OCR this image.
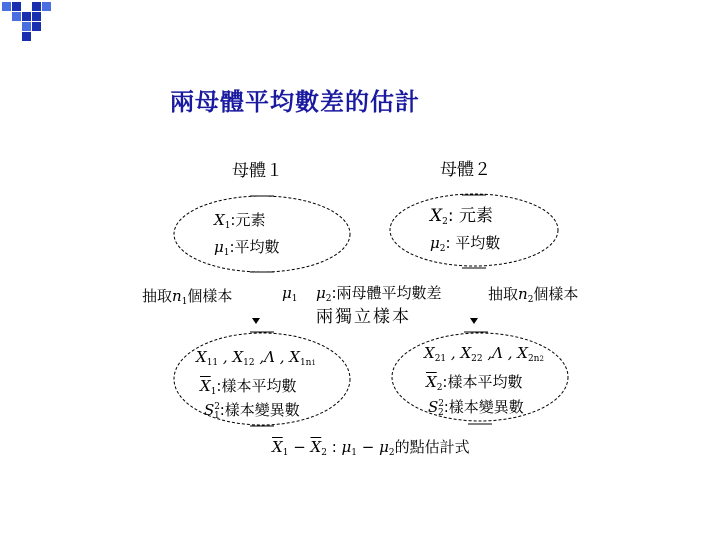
兩母體平均數差的估計
母體１
$X_1$:元素
$\mu_1$:平均數
母體２
$X_2$: 元素
$\mu_2$: 平均數
抽取$n_1$個樣本	$\mu_1$ $\mu_2$:兩母體平均數差	抽取$n_2$個樣本
兩獨立樣本
$X_{11}$ , $X_{12}$ ,Λ , $X_{1n1}$
$\overline{X}_1$:樣本平均數
$S^2_1$:樣本變異數
$X_{21}$ , $X_{22}$ ,Λ , $X_{2n2}$
$\overline{X}_2$:樣本平均數
$S^2_2$:樣本變異數
$\overline{X}_1 - \overline{X}_2$ : $\mu_1 - \mu_2$的點估計式
